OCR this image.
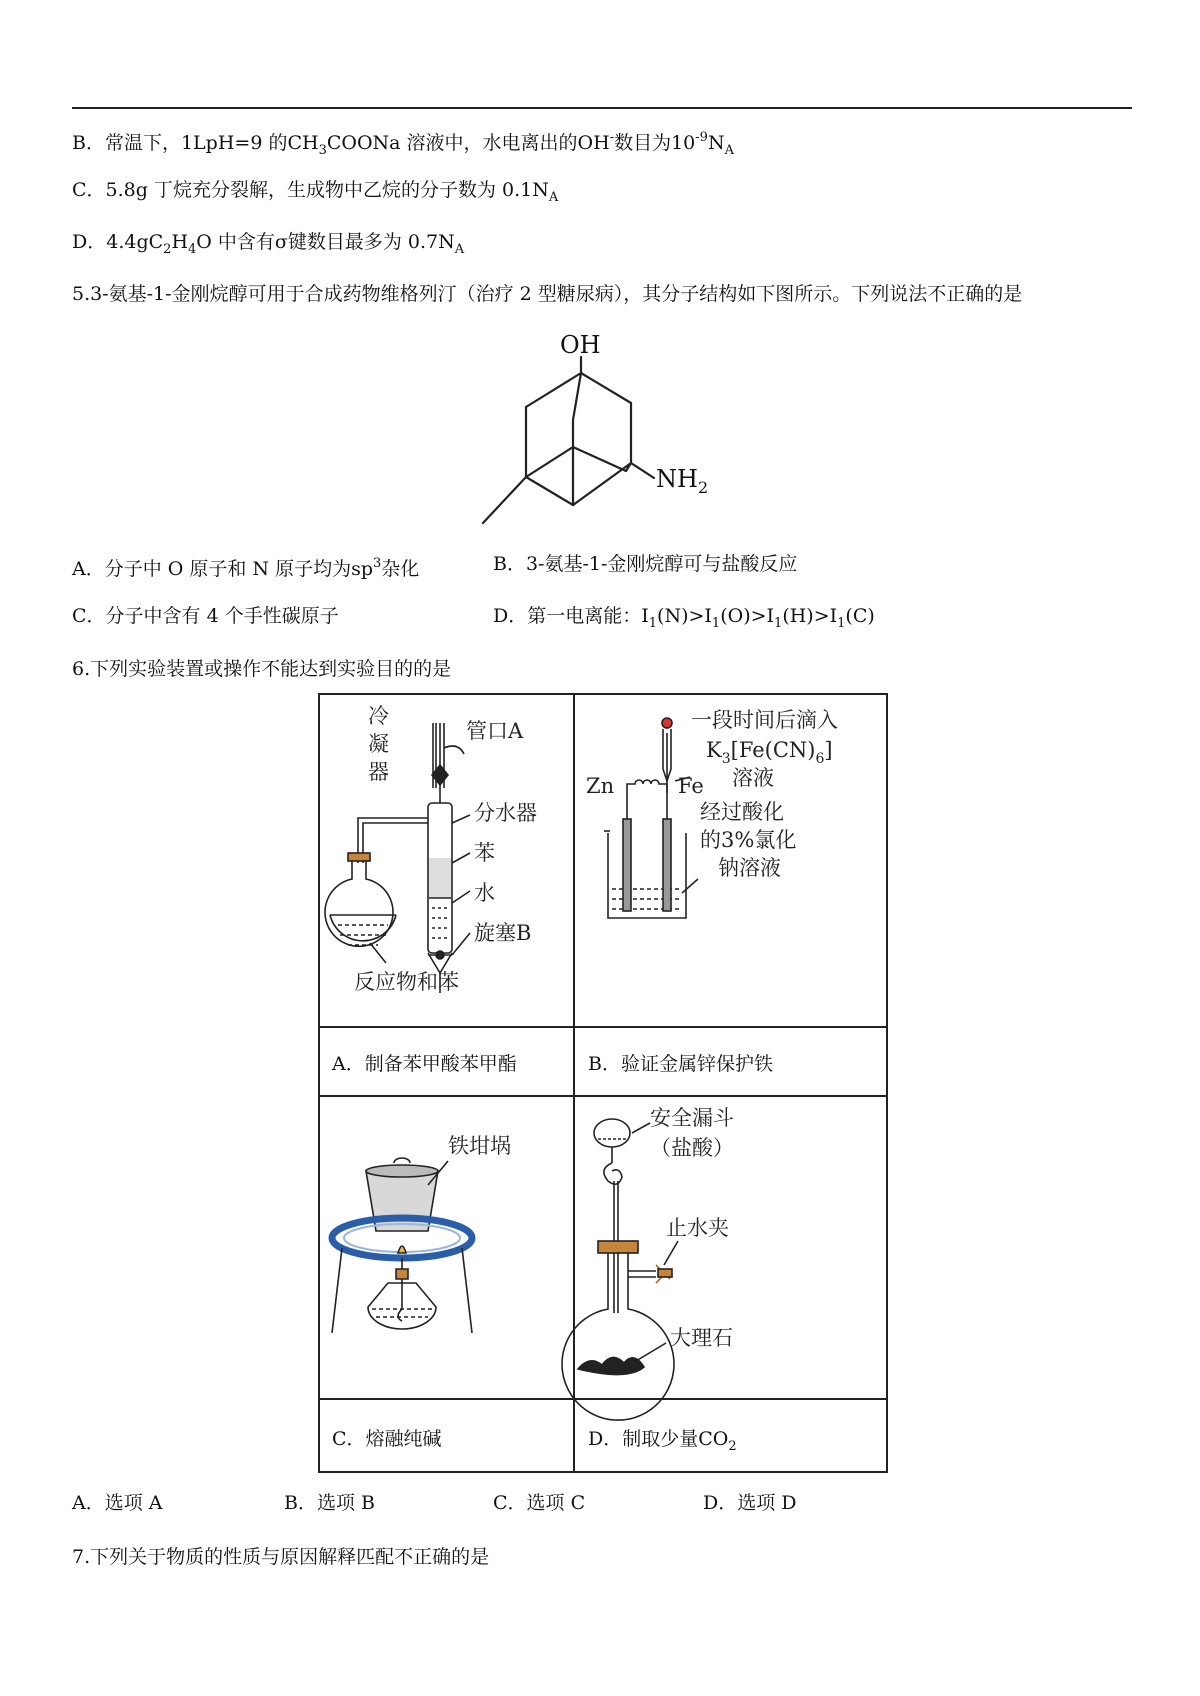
B．常温下，1LpH=9 的$CH_3COONa$ 溶液中，水电离出的OH-数目为$10^{-9}N_A$
C．5.8g 丁烷充分裂解，生成物中乙烷的分子数为 $0.1N_A$
D．$4.4gC_2H_4O$ 中含有σ键数目最多为 $0.7N_A$
5.3-氨基-1-金刚烷醇可用于合成药物维格列汀（治疗 2 型糖尿病），其分子结构如下图所示。下列说法不正确的是
OH
$NH_2$
A．分子中 O 原子和 N 原子均为$sp^3$杂化	B．3-氨基-1-金刚烷醇可与盐酸反应
C．分子中含有 4 个手性碳原子	D．第一电离能：$I_1(N)>I_1(O)>I_1(H)>I_1(C)$
6.下列实验装置或操作不能达到实验目的的是
冷
凝
器
管口A
分水器
苯
水
旋塞B
反应物和苯
A．制备苯甲酸苯甲酯
一段时间后滴入
$K_3[Fe(CN)_6]$
溶液
Zn	Fe
经过酸化
的3%氯化
钠溶液
B．验证金属锌保护铁
铁坩埚
C．熔融纯碱
安全漏斗
（盐酸）
止水夹
大理石
D．制取少量$CO_2$
A．选项 A	B．选项 B	C．选项 C	D．选项 D
7.下列关于物质的性质与原因解释匹配不正确的是
